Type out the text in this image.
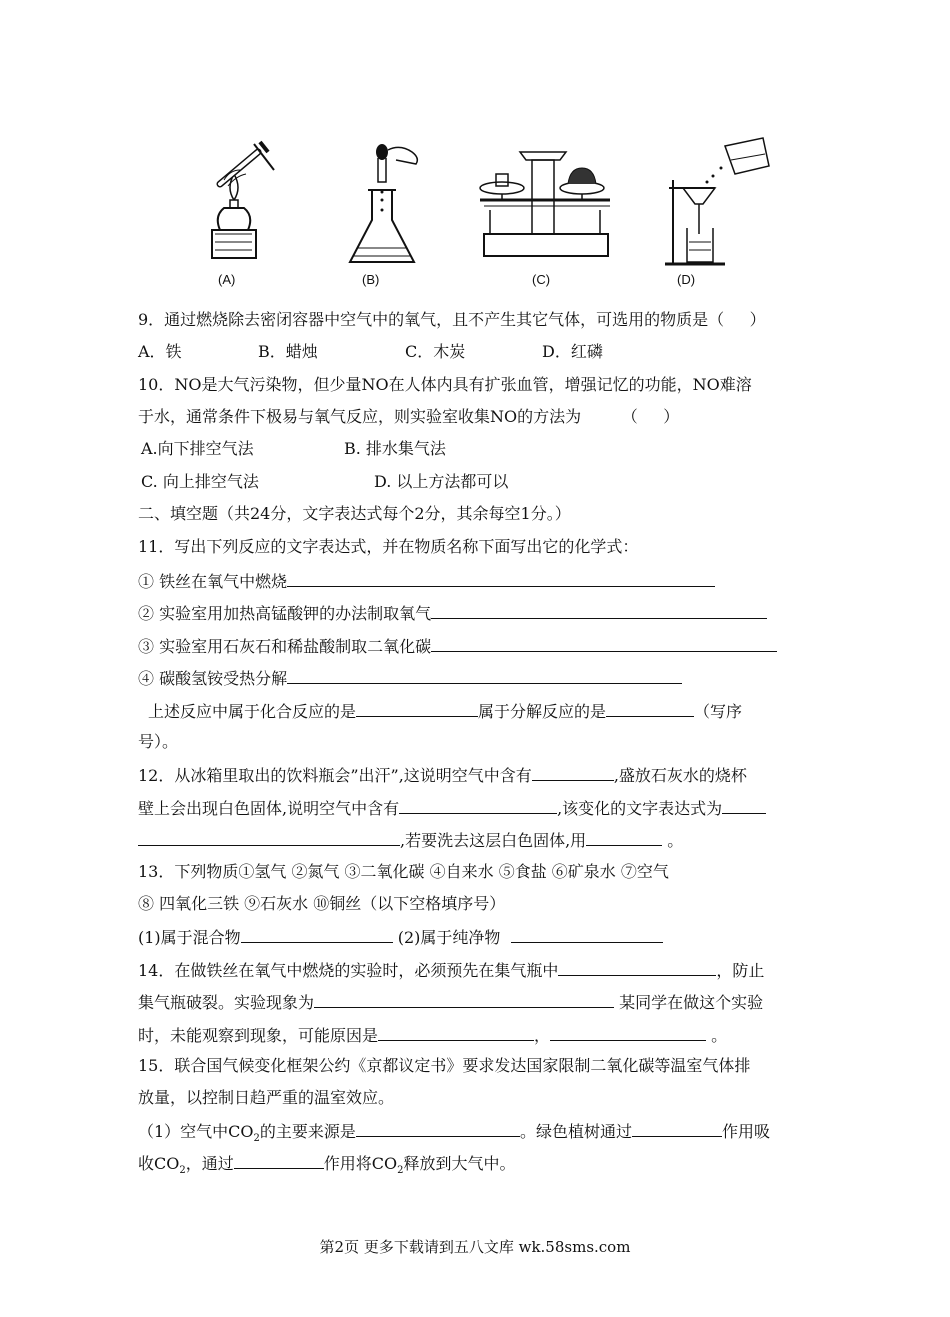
(A)	(B)	(C)	(D)
9．通过燃烧除去密闭容器中空气中的氧气，且不产生其它气体，可选用的物质是（     ）
A．铁	B．蜡烛	C．木炭	D．红磷
10．NO是大气污染物，但少量NO在人体内具有扩张血管，增强记忆的功能，NO难溶
于水，通常条件下极易与氧气反应，则实验室收集NO的方法为        （     ）
A.向下排空气法	B. 排水集气法
C. 向上排空气法	D. 以上方法都可以
二、填空题（共24分，文字表达式每个2分，其余每空1分。）
11．写出下列反应的文字表达式，并在物质名称下面写出它的化学式：
① 铁丝在氧气中燃烧
② 实验室用加热高锰酸钾的办法制取氧气
③ 实验室用石灰石和稀盐酸制取二氧化碳
④ 碳酸氢铵受热分解
上述反应中属于化合反应的是	属于分解反应的是	（写序
号）。
12．从冰箱里取出的饮料瓶会”出汗”,这说明空气中含有	,盛放石灰水的烧杯
壁上会出现白色固体,说明空气中含有	,该变化的文字表达式为
,若要洗去这层白色固体,用	。
13．下列物质①氢气 ②氮气 ③二氧化碳 ④自来水 ⑤食盐 ⑥矿泉水 ⑦空气
⑧ 四氧化三铁 ⑨石灰水 ⑩铜丝（以下空格填序号）
(1)属于混合物	(2)属于纯净物
14．在做铁丝在氧气中燃烧的实验时，必须预先在集气瓶中	，防止
集气瓶破裂。实验现象为	某同学在做这个实验
时，未能观察到现象，可能原因是	，	。
15．联合国气候变化框架公约《京都议定书》要求发达国家限制二氧化碳等温室气体排
放量，以控制日趋严重的温室效应。
（1）空气中$CO_2$的主要来源是	。绿色植树通过	作用吸
收$CO_2$，通过	作用将$CO_2$释放到大气中。
第2页 更多下载请到五八文库 wk.58sms.com
